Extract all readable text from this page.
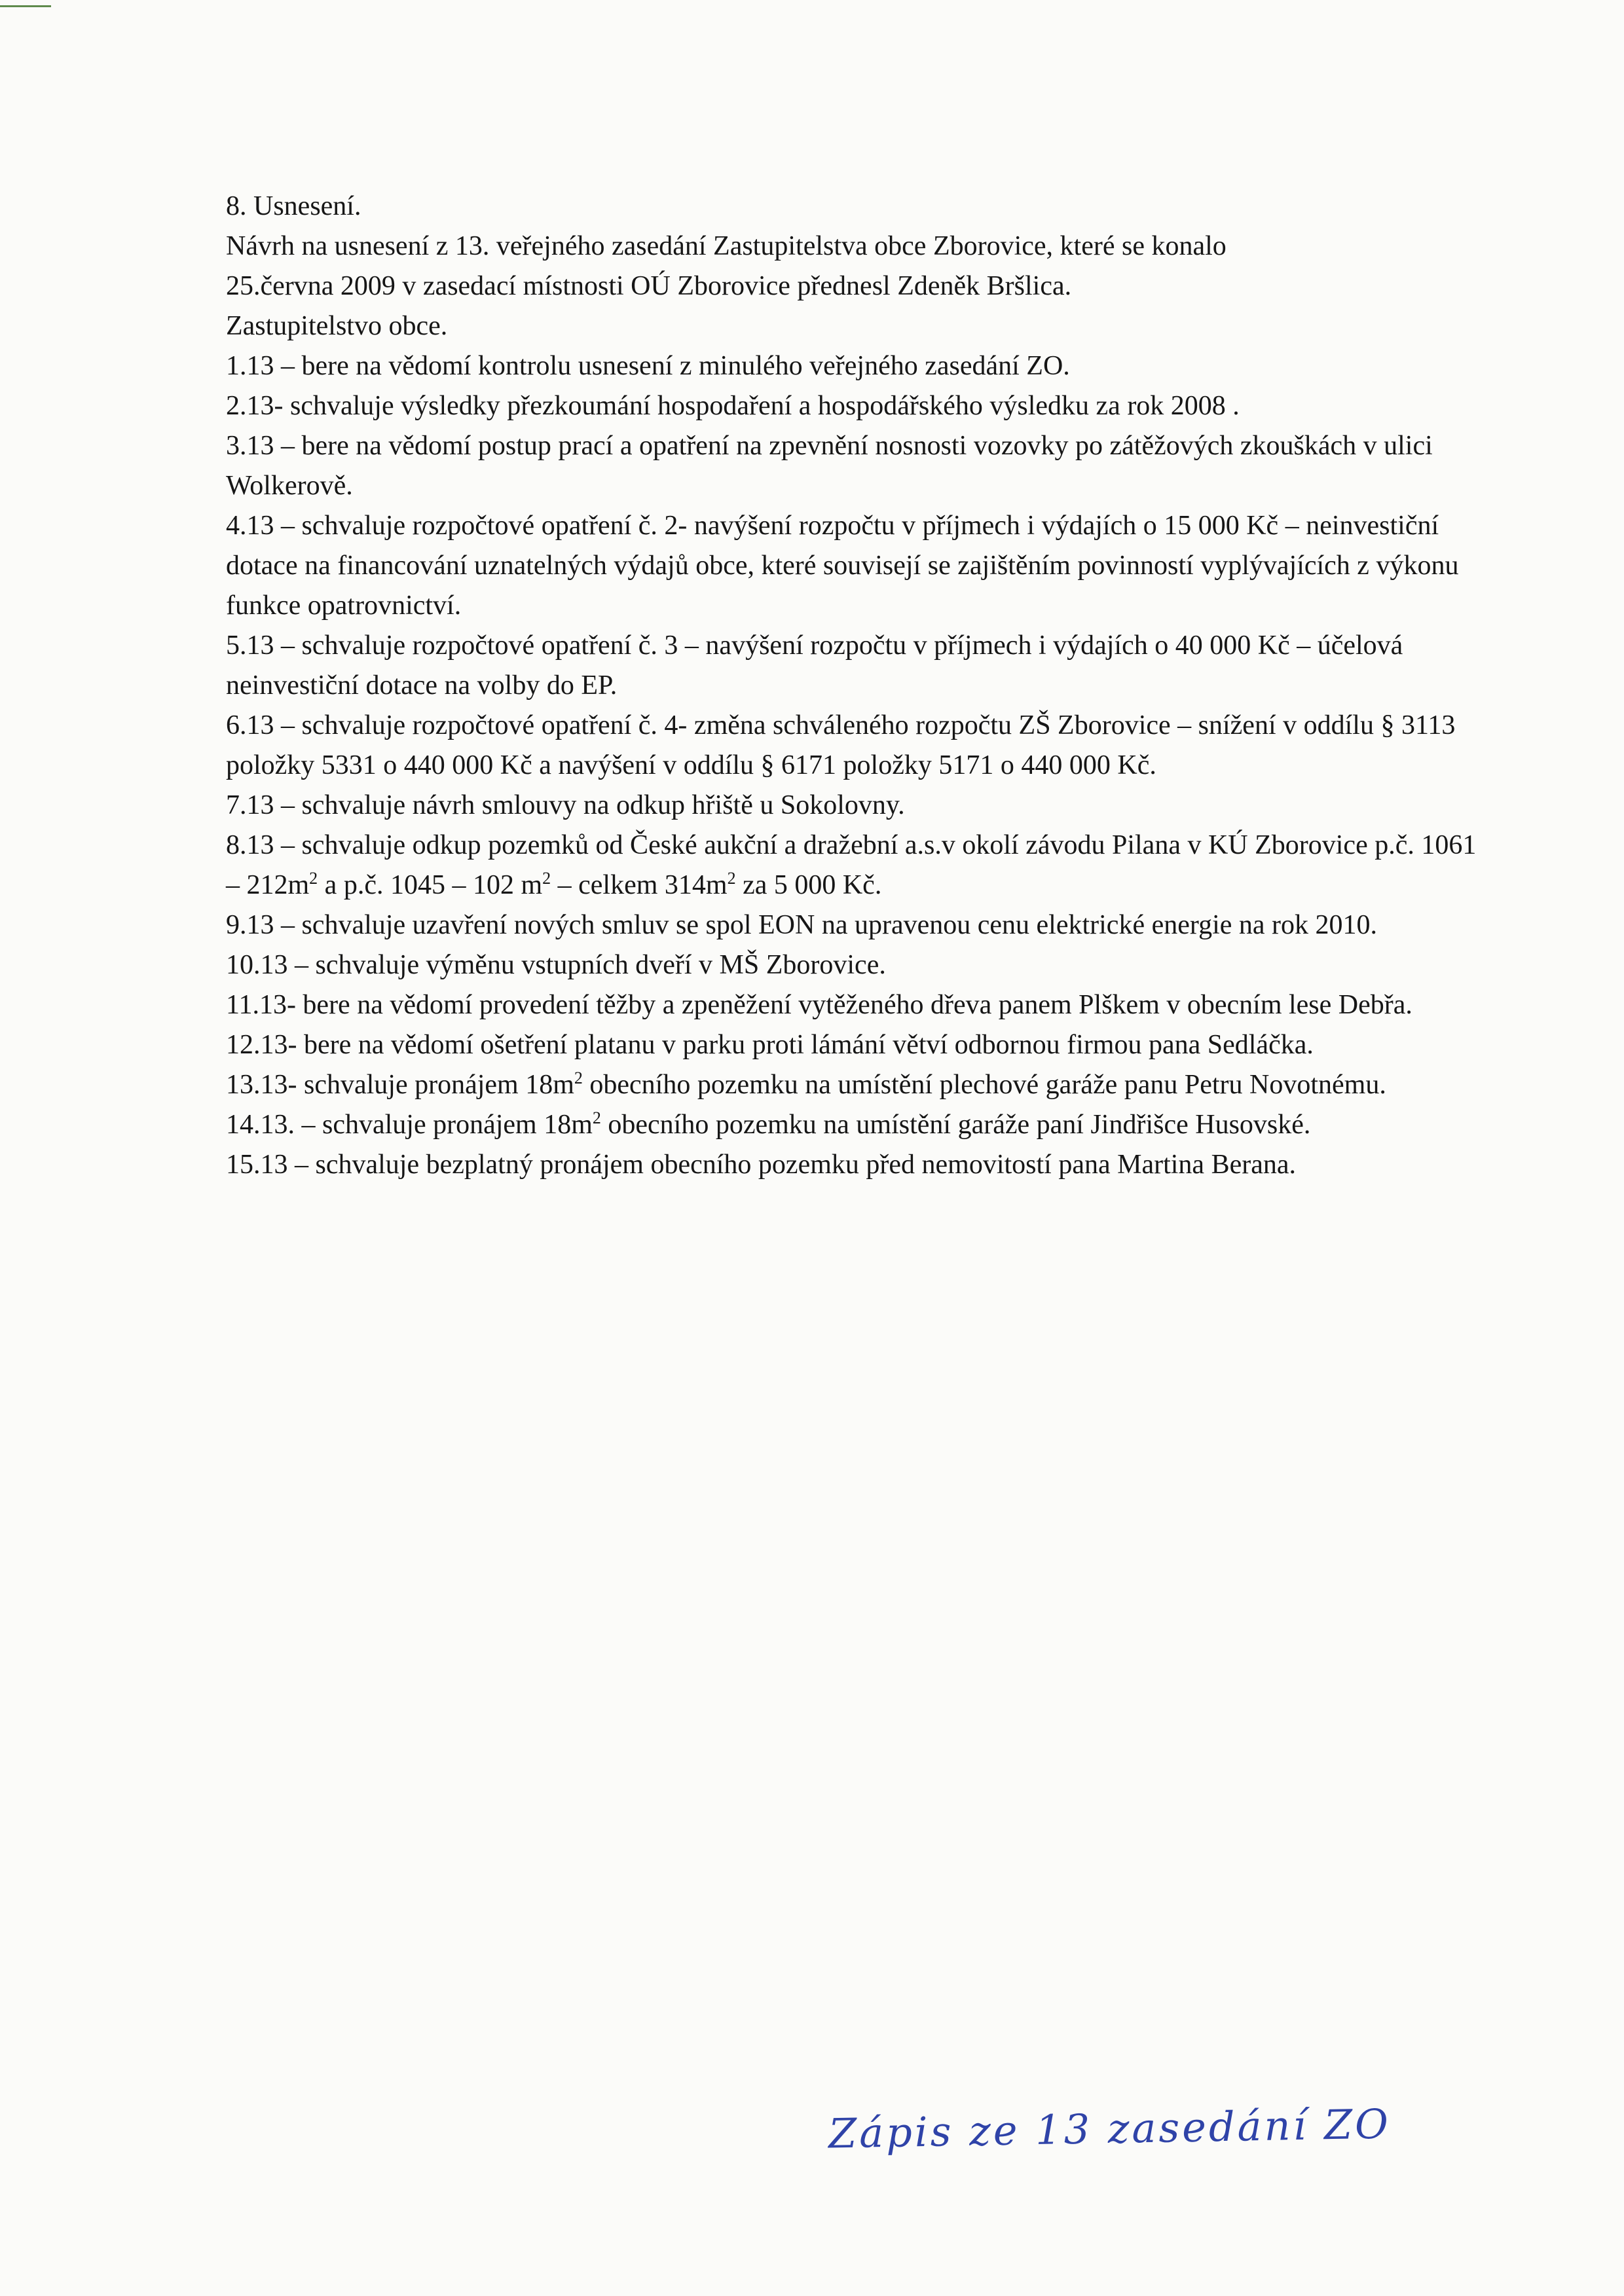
8. Usnesení.

Návrh na usnesení z 13. veřejného zasedání Zastupitelstva obce Zborovice, které se konalo

25.června 2009 v zasedací místnosti OÚ Zborovice přednesl Zdeněk Bršlica.

Zastupitelstvo obce.

1.13 – bere na vědomí kontrolu usnesení z minulého veřejného zasedání ZO.

2.13- schvaluje výsledky přezkoumání hospodaření a hospodářského výsledku za rok 2008 .

3.13 – bere na vědomí postup prací a opatření na zpevnění nosnosti vozovky po zátěžových zkouškách v ulici Wolkerově.

4.13 – schvaluje rozpočtové opatření č. 2- navýšení rozpočtu v příjmech i výdajích o 15 000 Kč – neinvestiční dotace na financování uznatelných výdajů obce, které souvisejí se zajištěním povinností vyplývajících z výkonu funkce opatrovnictví.

5.13 – schvaluje rozpočtové opatření č. 3 – navýšení rozpočtu v příjmech i výdajích o 40 000 Kč – účelová neinvestiční dotace na volby do EP.

6.13 – schvaluje rozpočtové opatření č. 4- změna schváleného rozpočtu ZŠ Zborovice – snížení v oddílu § 3113 položky 5331 o 440 000 Kč a navýšení v oddílu § 6171 položky 5171 o 440 000 Kč.

7.13 – schvaluje návrh smlouvy na odkup hřiště u Sokolovny.

8.13 – schvaluje odkup pozemků od České aukční a dražební a.s.v okolí závodu Pilana v KÚ Zborovice p.č. $1061 - 212m^2$ a p.č. 1045 – 102 $m^2$ – celkem $314m^2$ za 5 000 Kč.

9.13 – schvaluje uzavření nových smluv se spol EON na upravenou cenu elektrické energie na rok 2010.

10.13 – schvaluje výměnu vstupních dveří v MŠ Zborovice.

11.13- bere na vědomí provedení těžby a zpeněžení vytěženého dřeva panem Plškem v obecním lese Debřa.

12.13- bere na vědomí ošetření platanu v parku proti lámání větví odbornou firmou pana Sedláčka.

13.13- schvaluje pronájem $18m^2$ obecního pozemku na umístění plechové garáže panu Petru Novotnému.

14.13. – schvaluje pronájem $18m^2$ obecního pozemku na umístění garáže paní Jindřišce Husovské.

15.13 – schvaluje bezplatný pronájem obecního pozemku před nemovitostí pana Martina Berana.

Zápis ze 13 zasedání ZO
